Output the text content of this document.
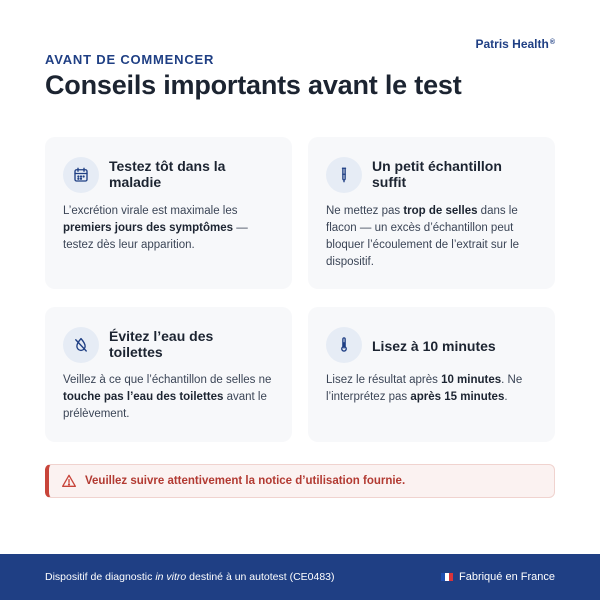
Patris Health®
AVANT DE COMMENCER
Conseils importants avant le test
Testez tôt dans la maladie

L’excrétion virale est maximale les premiers jours des symptômes — testez dès leur apparition.

Un petit échantillon suffit

Ne mettez pas trop de selles dans le flacon — un excès d’échantillon peut bloquer l’écoulement de l’extrait sur le dispositif.

Évitez l’eau des toilettes

Veillez à ce que l’échantillon de selles ne touche pas l’eau des toilettes avant le prélèvement.

Lisez à 10 minutes

Lisez le résultat après 10 minutes. Ne l’interprétez pas après 15 minutes.

Veuillez suivre attentivement la notice d’utilisation fournie.
Dispositif de diagnostic in vitro destiné à un autotest (CE0483)	Fabriqué en France
